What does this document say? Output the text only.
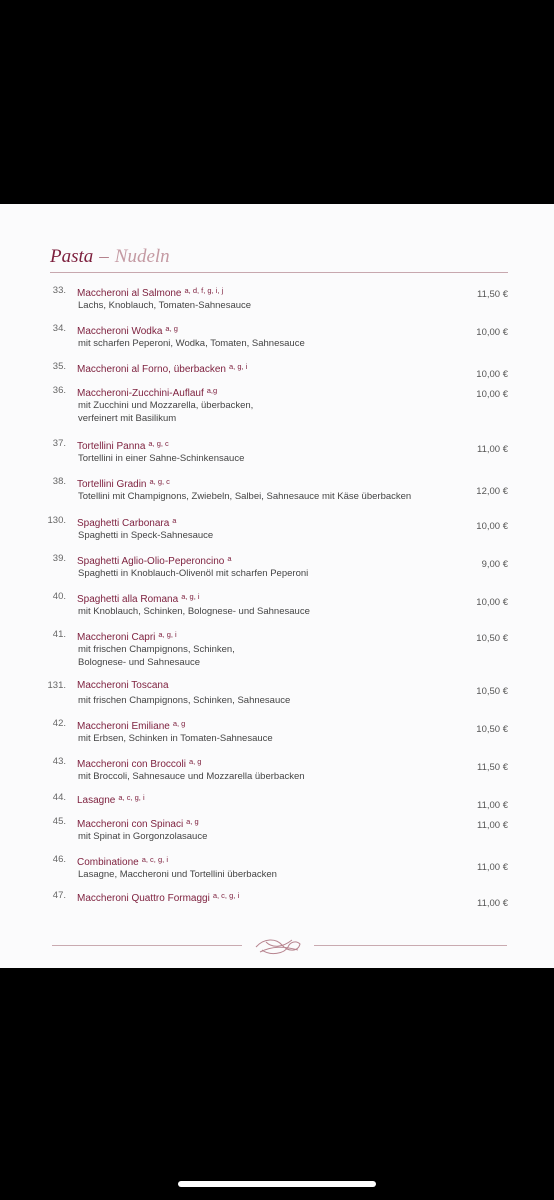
Pasta – Nudeln
33. Maccheroni al Salmone $^{a, d, f, g, i, j}$
Lachs, Knoblauch, Tomaten-Sahnesauce
11,50 €
34. Maccheroni Wodka $^{a, g}$
mit scharfen Peperoni, Wodka, Tomaten, Sahnesauce
10,00 €
35. Maccheroni al Forno, überbacken $^{a, g, i}$
10,00 €
36. Maccheroni-Zucchini-Auflauf $^{a,g}$
mit Zucchini und Mozzarella, überbacken,
verfeinert mit Basilikum
10,00 €
37. Tortellini Panna $^{a, g, c}$
Tortellini in einer Sahne-Schinkensauce
11,00 €
38. Tortellini Gradin $^{a, g, c}$
Totellini mit Champignons, Zwiebeln, Salbei, Sahnesauce mit Käse überbacken	12,00 €
130. Spaghetti Carbonara $^a$
Spaghetti in Speck-Sahnesauce
10,00 €
39. Spaghetti Aglio-Olio-Peperoncino $^a$
Spaghetti in Knoblauch-Olivenöl mit scharfen Peperoni
9,00 €
40. Spaghetti alla Romana $^{a, g, i}$
mit Knoblauch, Schinken, Bolognese- und Sahnesauce
10,00 €
41. Maccheroni Capri $^{a, g, i}$
mit frischen Champignons, Schinken,
Bolognese- und Sahnesauce
10,50 €
131. Maccheroni Toscana
mit frischen Champignons, Schinken, Sahnesauce
10,50 €
42. Maccheroni Emiliane $^{a, g}$
mit Erbsen, Schinken in Tomaten-Sahnesauce
10,50 €
43. Maccheroni con Broccoli $^{a, g}$
mit Broccoli, Sahnesauce und Mozzarella überbacken
11,50 €
44. Lasagne $^{a, c, g, i}$
11,00 €
45. Maccheroni con Spinaci $^{a, g}$
mit Spinat in Gorgonzolasauce
11,00 €
46. Combinatione $^{a, c, g, i}$
Lasagne, Maccheroni und Tortellini überbacken
11,00 €
47. Maccheroni Quattro Formaggi $^{a, c, g, i}$
11,00 €
